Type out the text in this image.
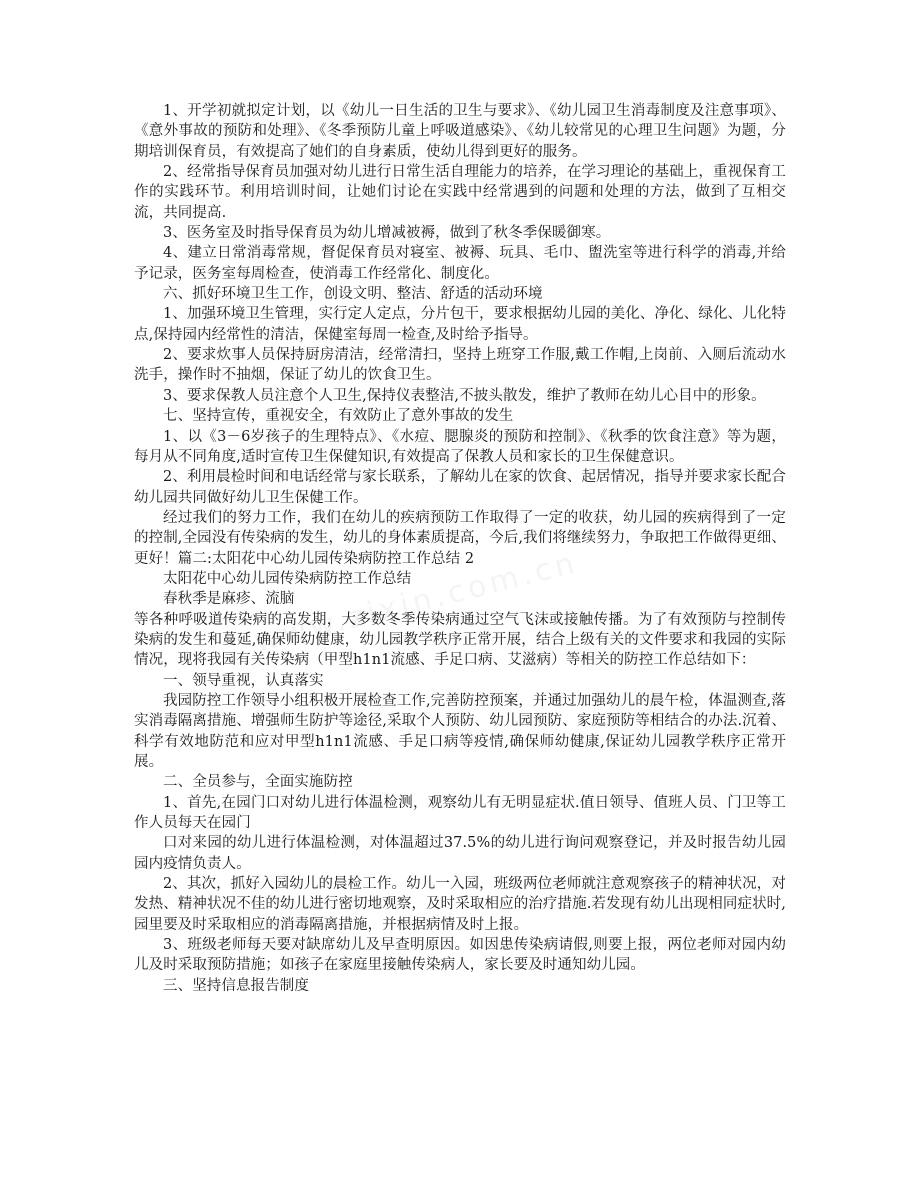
1、开学初就拟定计划，以《幼儿一日生活的卫生与要求》、《幼儿园卫生消毒制度及注意事项》、《意外事故的预防和处理》、《冬季预防儿童上呼吸道感染》、《幼儿较常见的心理卫生问题》为题，分期培训保育员，有效提高了她们的自身素质，使幼儿得到更好的服务。

2、经常指导保育员加强对幼儿进行日常生活自理能力的培养，在学习理论的基础上，重视保育工作的实践环节。利用培训时间，让她们讨论在实践中经常遇到的问题和处理的方法，做到了互相交流，共同提高.

3、医务室及时指导保育员为幼儿增减被褥，做到了秋冬季保暖御寒。

4、建立日常消毒常规，督促保育员对寝室、被褥、玩具、毛巾、盥洗室等进行科学的消毒,并给予记录，医务室每周检查，使消毒工作经常化、制度化。

六、抓好环境卫生工作，创设文明、整洁、舒适的活动环境

1、加强环境卫生管理，实行定人定点，分片包干，要求根据幼儿园的美化、净化、绿化、儿化特点,保持园内经常性的清洁，保健室每周一检查,及时给予指导。

2、要求炊事人员保持厨房清洁，经常清扫，坚持上班穿工作服,戴工作帽,上岗前、入厕后流动水洗手，操作时不抽烟，保证了幼儿的饮食卫生。

3、要求保教人员注意个人卫生,保持仪表整洁,不披头散发，维护了教师在幼儿心目中的形象。

七、坚持宣传，重视安全，有效防止了意外事故的发生

1、以《3－6岁孩子的生理特点》、《水痘、腮腺炎的预防和控制》、《秋季的饮食注意》等为题，每月从不同角度,适时宣传卫生保健知识,有效提高了保教人员和家长的卫生保健意识。

2、利用晨检时间和电话经常与家长联系，了解幼儿在家的饮食、起居情况，指导并要求家长配合幼儿园共同做好幼儿卫生保健工作。

经过我们的努力工作，我们在幼儿的疾病预防工作取得了一定的收获，幼儿园的疾病得到了一定的控制,全园没有传染病的发生，幼儿的身体素质提高，今后,我们将继续努力，争取把工作做得更细、更好！篇二:太阳花中心幼儿园传染病防控工作总结 2

太阳花中心幼儿园传染病防控工作总结

春秋季是麻疹、流脑

等各种呼吸道传染病的高发期，大多数冬季传染病通过空气飞沫或接触传播。为了有效预防与控制传染病的发生和蔓延,确保师幼健康，幼儿园教学秩序正常开展，结合上级有关的文件要求和我园的实际情况，现将我园有关传染病（甲型h1n1流感、手足口病、艾滋病）等相关的防控工作总结如下：

一、领导重视，认真落实

我园防控工作领导小组积极开展检查工作,完善防控预案，并通过加强幼儿的晨午检，体温测查,落实消毒隔离措施、增强师生防护等途径,采取个人预防、幼儿园预防、家庭预防等相结合的办法.沉着、科学有效地防范和应对甲型h1n1流感、手足口病等疫情,确保师幼健康,保证幼儿园教学秩序正常开展。

二、全员参与，全面实施防控

1、首先,在园门口对幼儿进行体温检测，观察幼儿有无明显症状.值日领导、值班人员、门卫等工作人员每天在园门

口对来园的幼儿进行体温检测，对体温超过37.5%的幼儿进行询问观察登记，并及时报告幼儿园园内疫情负责人。

2、其次，抓好入园幼儿的晨检工作。幼儿一入园，班级两位老师就注意观察孩子的精神状况，对发热、精神状况不佳的幼儿进行密切地观察，及时采取相应的治疗措施.若发现有幼儿出现相同症状时,园里要及时采取相应的消毒隔离措施，并根据病情及时上报。

3、班级老师每天要对缺席幼儿及早查明原因。如因患传染病请假,则要上报，两位老师对园内幼儿及时采取预防措施；如孩子在家庭里接触传染病人，家长要及时通知幼儿园。

三、坚持信息报告制度
